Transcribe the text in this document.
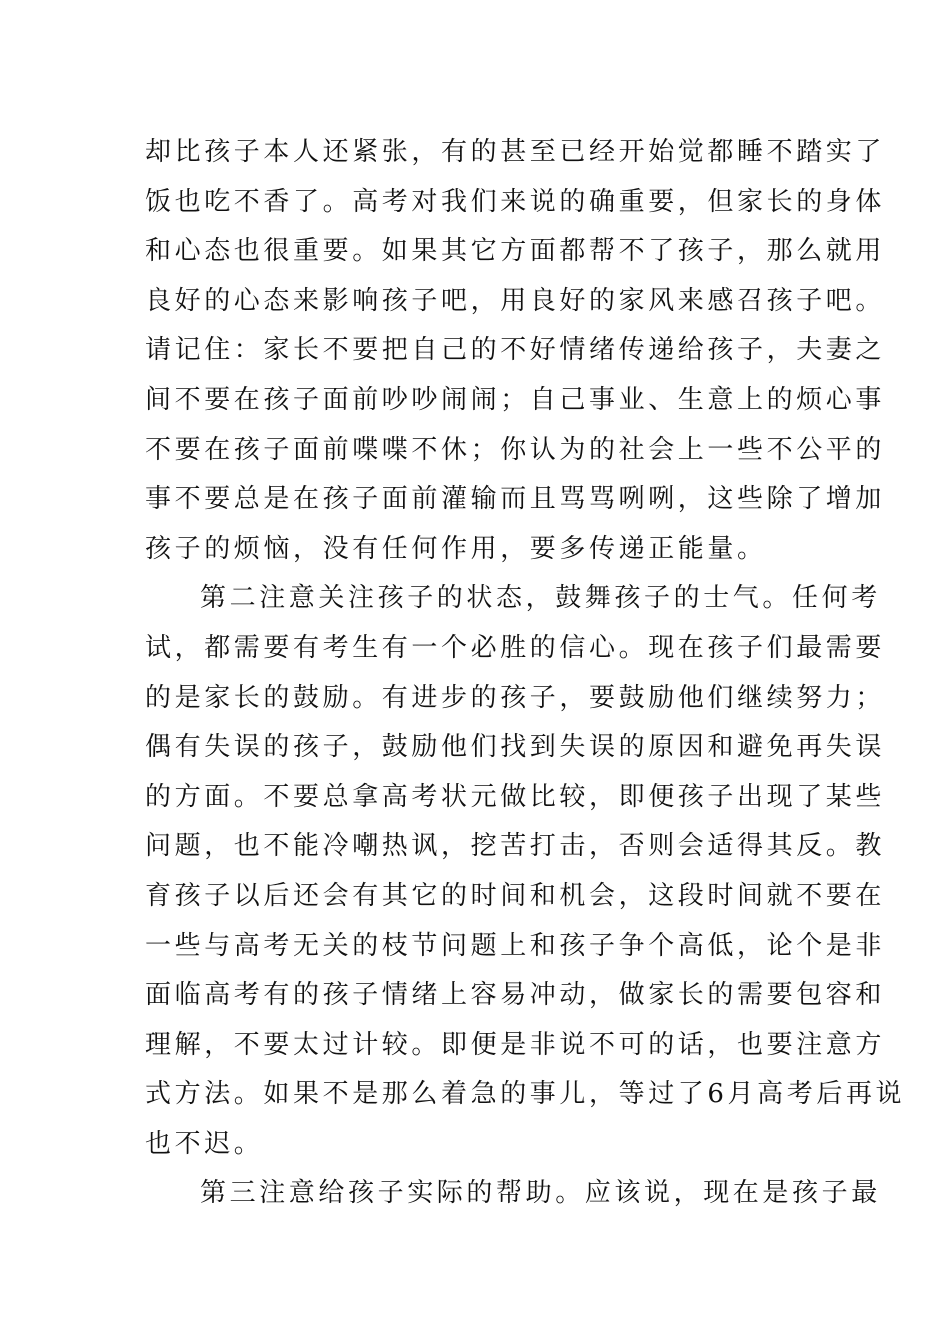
却比孩子本人还紧张，有的甚至已经开始觉都睡不踏实了
饭也吃不香了。高考对我们来说的确重要，但家长的身体
和心态也很重要。如果其它方面都帮不了孩子，那么就用
良好的心态来影响孩子吧，用良好的家风来感召孩子吧。
请记住：家长不要把自己的不好情绪传递给孩子，夫妻之
间不要在孩子面前吵吵闹闹；自己事业、生意上的烦心事
不要在孩子面前喋喋不休；你认为的社会上一些不公平的
事不要总是在孩子面前灌输而且骂骂咧咧，这些除了增加
孩子的烦恼，没有任何作用，要多传递正能量。
第二注意关注孩子的状态，鼓舞孩子的士气。任何考
试，都需要有考生有一个必胜的信心。现在孩子们最需要
的是家长的鼓励。有进步的孩子，要鼓励他们继续努力；
偶有失误的孩子，鼓励他们找到失误的原因和避免再失误
的方面。不要总拿高考状元做比较，即便孩子出现了某些
问题，也不能冷嘲热讽，挖苦打击，否则会适得其反。教
育孩子以后还会有其它的时间和机会，这段时间就不要在
一些与高考无关的枝节问题上和孩子争个高低，论个是非
面临高考有的孩子情绪上容易冲动，做家长的需要包容和
理解，不要太过计较。即便是非说不可的话，也要注意方
式方法。如果不是那么着急的事儿，等过了6月高考后再说
也不迟。
第三注意给孩子实际的帮助。应该说，现在是孩子最
